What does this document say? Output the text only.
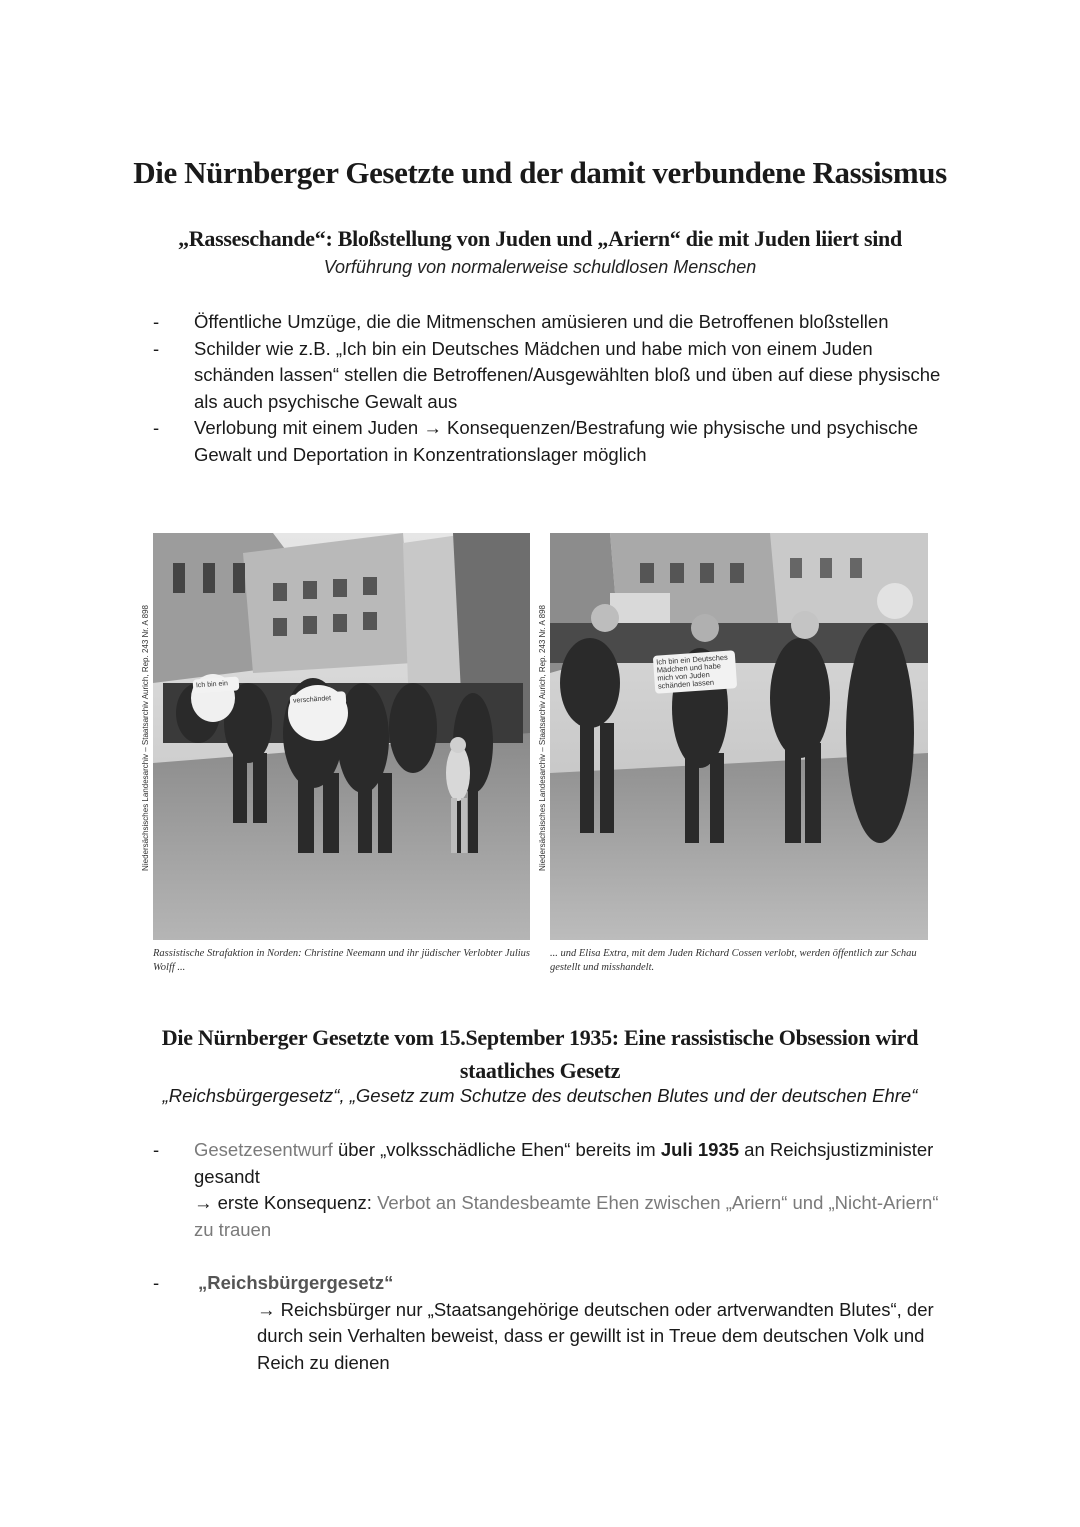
Die Nürnberger Gesetzte und der damit verbundene Rassismus
„Rasseschande“: Bloßstellung von Juden und „Ariern“ die mit Juden liiert sind
Vorführung von normalerweise schuldlosen Menschen

- Öffentliche Umzüge, die die Mitmenschen amüsieren und die Betroffenen bloßstellen

- Schilder wie z.B. „Ich bin ein Deutsches Mädchen und habe mich von einem Juden schänden lassen“ stellen die Betroffenen/Ausgewählten bloß und üben auf diese physische als auch psychische Gewalt aus

- Verlobung mit einem Juden → Konsequenzen/Bestrafung wie physische und psychische Gewalt und Deportation in Konzentrationslager möglich

Niedersächsisches Landesarchiv – Staatsarchiv Aurich, Rep. 243 Nr. A 898	Ich bin ein
verschändet
Rassistische Strafaktion in Norden: Christine Neemann und ihr jüdischer Verlobter Julius Wolff ...
Niedersächsisches Landesarchiv – Staatsarchiv Aurich, Rep. 243 Nr. A 898	Ich bin ein Deutsches Mädchen und habe mich von Juden schänden lassen
... und Elisa Extra, mit dem Juden Richard Cossen verlobt, werden öffentlich zur Schau gestellt und misshandelt.
Die Nürnberger Gesetzte vom 15.September 1935: Eine rassistische Obsession wird
staatliches Gesetz
„Reichsbürgergesetz“, „Gesetz zum Schutze des deutschen Blutes und der deutschen Ehre“

- Gesetzesentwurf über „volksschädliche Ehen“ bereits im Juli 1935 an Reichsjustizminister gesandt
→ erste Konsequenz: Verbot an Standesbeamte Ehen zwischen „Ariern“ und „Nicht-Ariern“ zu trauen

- „Reichsbürgergesetz“

→ Reichsbürger nur „Staatsangehörige deutschen oder artverwandten Blutes“, der durch sein Verhalten beweist, dass er gewillt ist in Treue dem deutschen Volk und Reich zu dienen
